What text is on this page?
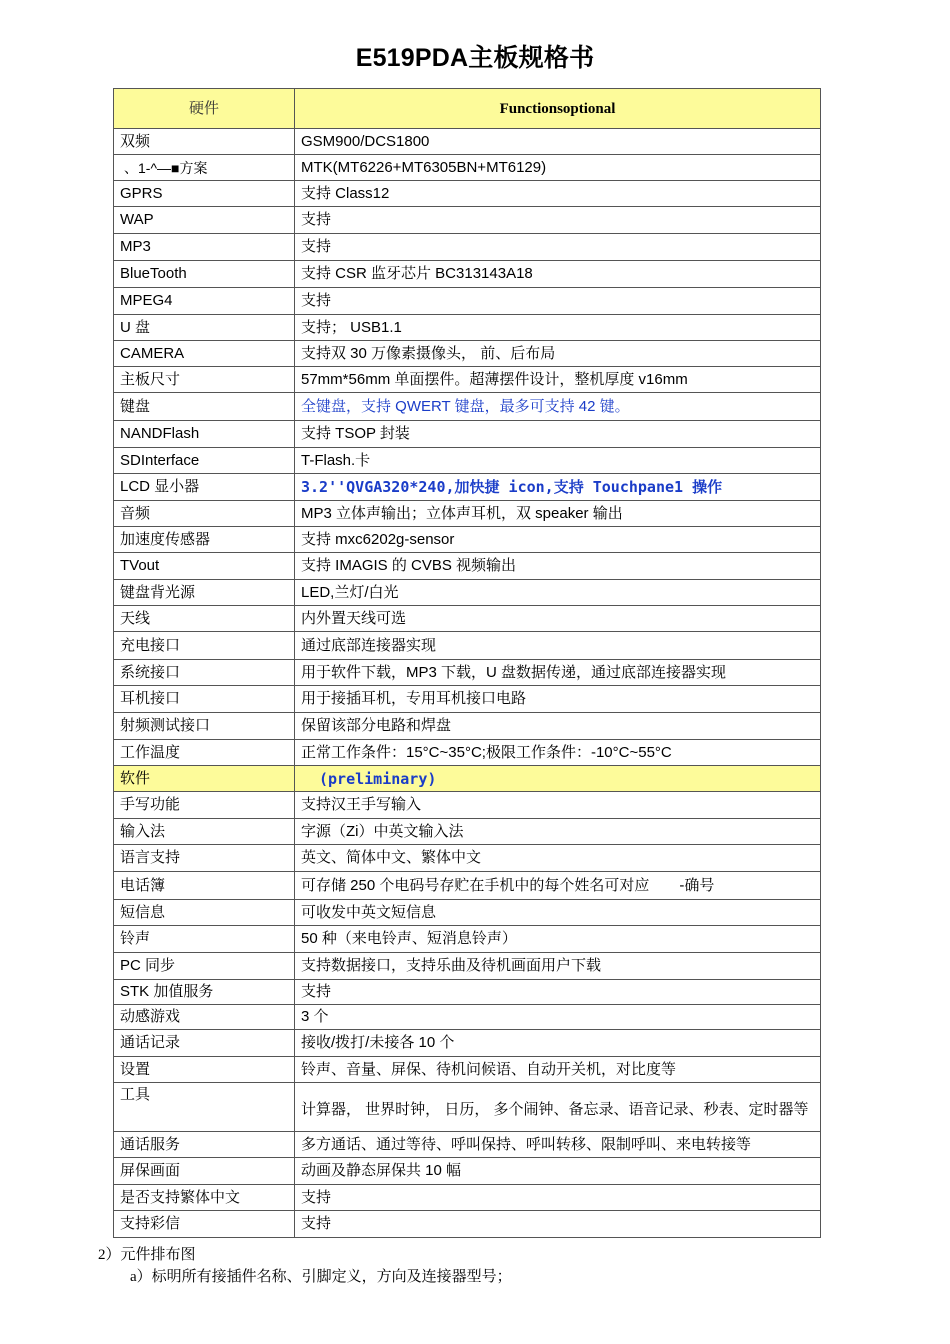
E519PDA主板规格书
硬件	Functionsoptional
双频	GSM900/DCS1800

、1-^—■方案	MTK(MT6226+MT6305BN+MT6129)
GPRS	支持 Class12
WAP	支持
MP3	支持
BlueTooth	支持 CSR 监牙芯片 BC313143A18
MPEG4	支持
U 盘	支持； USB1.1
CAMERA	支持双 30 万像素摄像头， 前、后布局
主板尺寸	57mm*56mm 单面摆件。超薄摆件设计，整机厚度 v16mm
键盘	全键盘，支持 QWERT 键盘，最多可支持 42 键。
NANDFlash	支持 TSOP 封装
SDInterface	T-Flash.卡
LCD 显小器	3.2''QVGA320*240,加快捷 icon,支持 Touchpane1 操作
音频	MP3 立体声输出；立体声耳机，双 speaker 输出
加速度传感器	支持 mxc6202g-sensor
TVout	支持 IMAGIS 的 CVBS 视频输出
键盘背光源	LED,兰灯/白光
天线	内外置天线可选
充电接口	通过底部连接器实现
系统接口	用于软件下载，MP3 下载，U 盘数据传递，通过底部连接器实现
耳机接口	用于接插耳机，专用耳机接口电路
射频测试接口	保留该部分电路和焊盘
工作温度	正常工作条件：15°C~35°C;极限工作条件：-10°C~55°C
软件	(preliminary)
手写功能	支持汉王手写输入
输入法	字源（Zi）中英文输入法
语言支持	英文、简体中文、繁体中文
电话簿	可存储 250 个电码号存贮在手机中的每个姓名可对应　　-确号
短信息	可收发中英文短信息
铃声	50 种（来电铃声、短消息铃声）
PC 同步	支持数据接口，支持乐曲及待机画面用户下载
STK 加值服务	支持
动感游戏	3 个
通话记录	接收/拨打/未接各 10 个
设置	铃声、音量、屏保、待机问候语、自动开关机，对比度等
工具	计算器， 世界时钟， 日历， 多个闹钟、备忘录、语音记录、秒表、定时器等
通话服务	多方通话、通过等待、呼叫保持、呼叫转移、限制呼叫、来电转接等
屏保画面	动画及静态屏保共 10 幅
是否支持繁体中文	支持
支持彩信	支持
2）元件排布图
a）标明所有接插件名称、引脚定义，方向及连接器型号；
